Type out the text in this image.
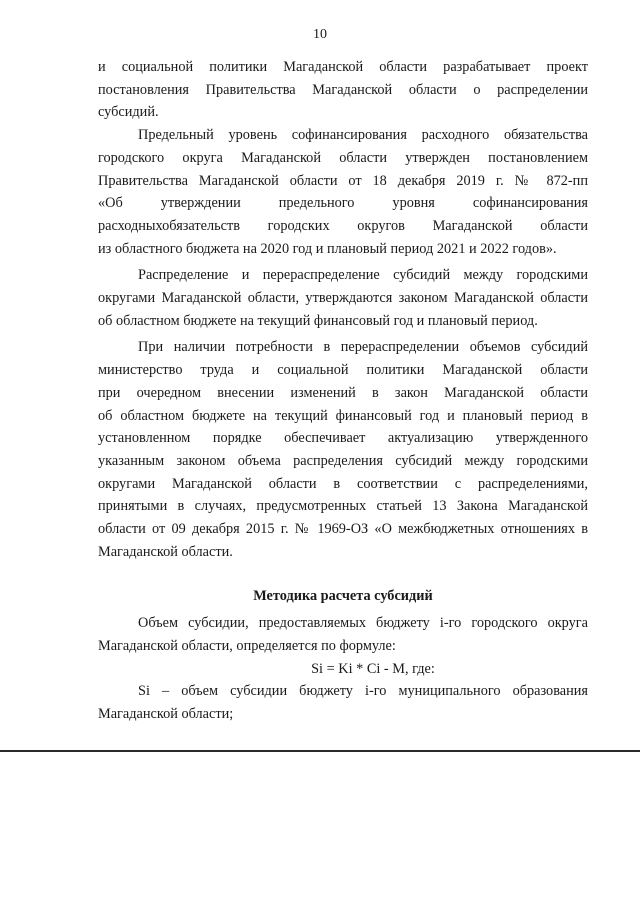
10

и социальной политики Магаданской области разрабатывает проект
постановления Правительства Магаданской области о распределении
субсидий.

Предельный уровень софинансирования расходного обязательства
городского округа Магаданской области утвержден постановлением
Правительства Магаданской области от 18 декабря 2019 г. № 872-пп
«Об утверждении предельного уровня софинансирования
расходныхобязательств городских округов Магаданской области
из областного бюджета на 2020 год и плановый период 2021 и 2022 годов».

Распределение и перераспределение субсидий между городскими
округами Магаданской области, утверждаются законом Магаданской области
об областном бюджете на текущий финансовый год и плановый период.

При наличии потребности в перераспределении объемов субсидий
министерство труда и социальной политики Магаданской области
при очередном внесении изменений в закон Магаданской области
об областном бюджете на текущий финансовый год и плановый период в
установленном порядке обеспечивает актуализацию утвержденного
указанным законом объема распределения субсидий между городскими
округами Магаданской области в соответствии с распределениями,
принятыми в случаях, предусмотренных статьей 13 Закона Магаданской
области от 09 декабря 2015 г. № 1969-ОЗ «О межбюджетных отношениях в
Магаданской области.

Методика расчета субсидий

Объем субсидии, предоставляемых бюджету i-го городского округа
Магаданской области, определяется по формуле:

Si = Ki * Ci - M, где:

Si – объем субсидии бюджету i-го муниципального образования
Магаданской области;
